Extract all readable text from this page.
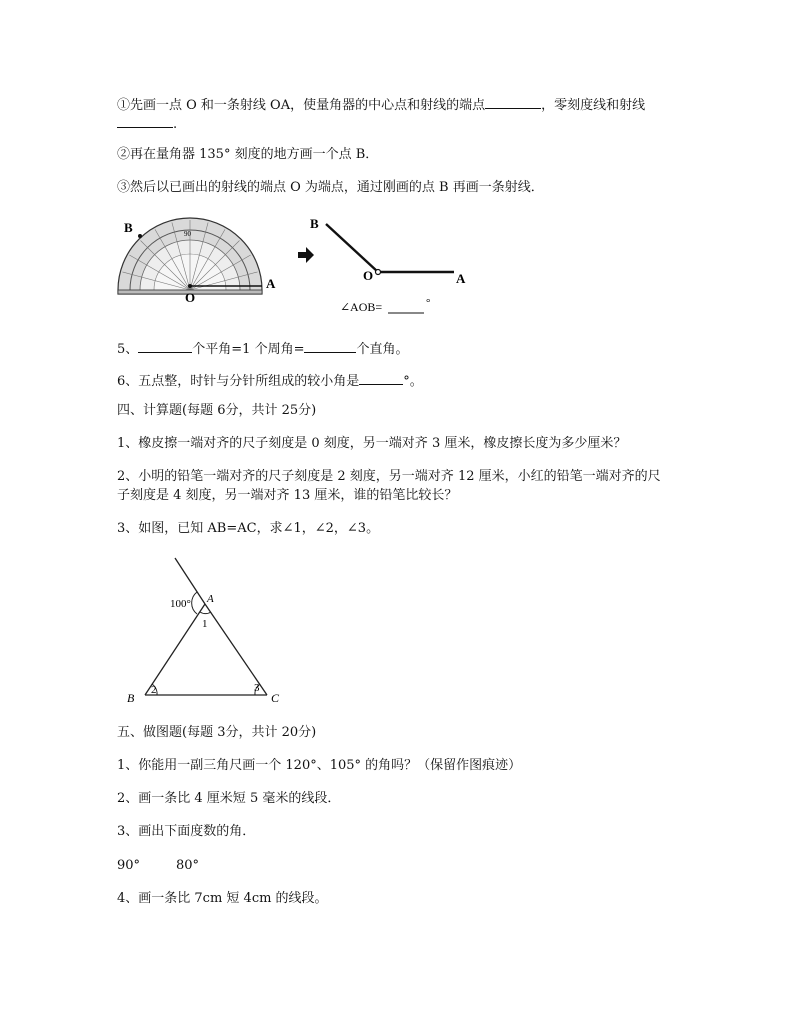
①先画一点 O 和一条射线 OA，使量角器的中心点和射线的端点	，零刻度线和射线
.
②再在量角器 135° 刻度的地方画一个点 B．
③然后以已画出的射线的端点 O 为端点，通过刚画的点 B 再画一条射线．
B
O
A
90
B
O	A
∠AOB=	°
5、	个平角=1 个周角=	个直角。
6、五点整，时针与分针所组成的较小角是	°。
四、计算题(每题 6分，共计 25分)
1、橡皮擦一端对齐的尺子刻度是 0 刻度，另一端对齐 3 厘米，橡皮擦长度为多少厘米？
2、小明的铅笔一端对齐的尺子刻度是 2 刻度，另一端对齐 12 厘米，小红的铅笔一端对齐的尺
子刻度是 4 刻度，另一端对齐 13 厘米，谁的铅笔比较长？
3、如图，已知 AB=AC，求∠1，∠2，∠3。
100° A
1
B
2	3
C
五、做图题(每题 3分，共计 20分)
1、你能用一副三角尺画一个 120°、105° 的角吗？（保留作图痕迹）
2、画一条比 4 厘米短 5 毫米的线段．
3、画出下面度数的角．
90°	80°
4、画一条比 7cm 短 4cm 的线段。
